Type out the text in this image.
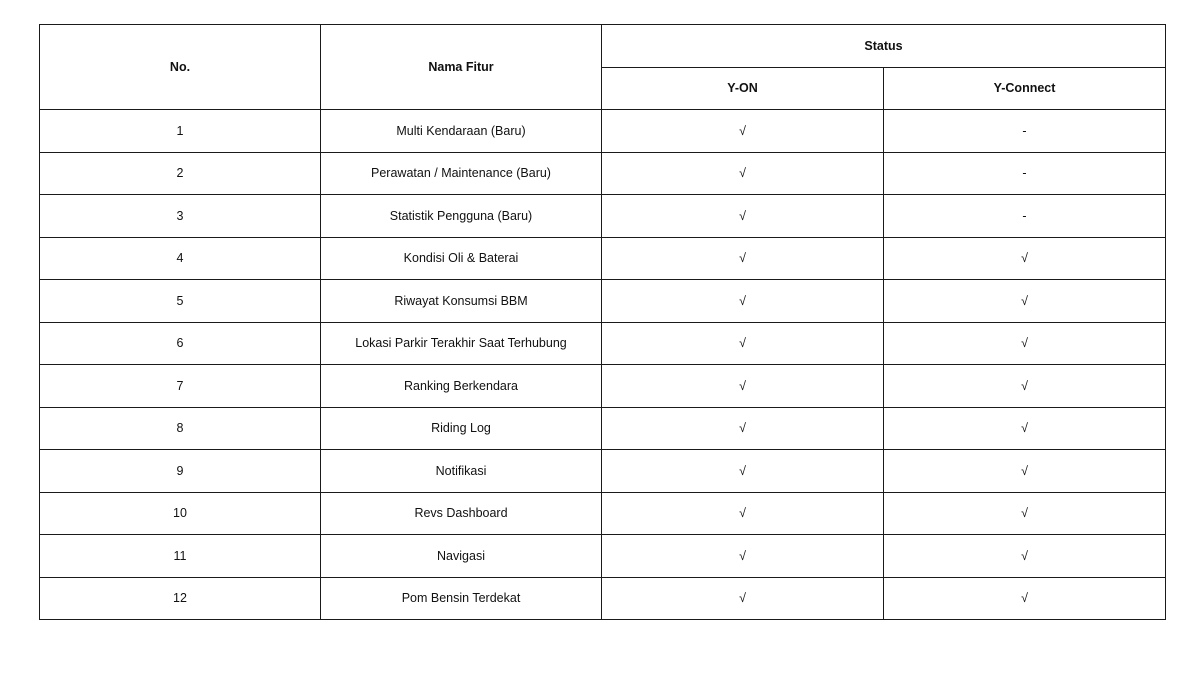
No.	Nama Fitur	Status	
		Y-ON	Y-Connect
1	Multi Kendaraan (Baru)	√	-
2	Perawatan / Maintenance (Baru)	√	-
3	Statistik Pengguna (Baru)	√	-
4	Kondisi Oli & Baterai	√	√
5	Riwayat Konsumsi BBM	√	√
6	Lokasi Parkir Terakhir Saat Terhubung	√	√
7	Ranking Berkendara	√	√
8	Riding Log	√	√
9	Notifikasi	√	√
10	Revs Dashboard	√	√
11	Navigasi	√	√
12	Pom Bensin Terdekat	√	√
